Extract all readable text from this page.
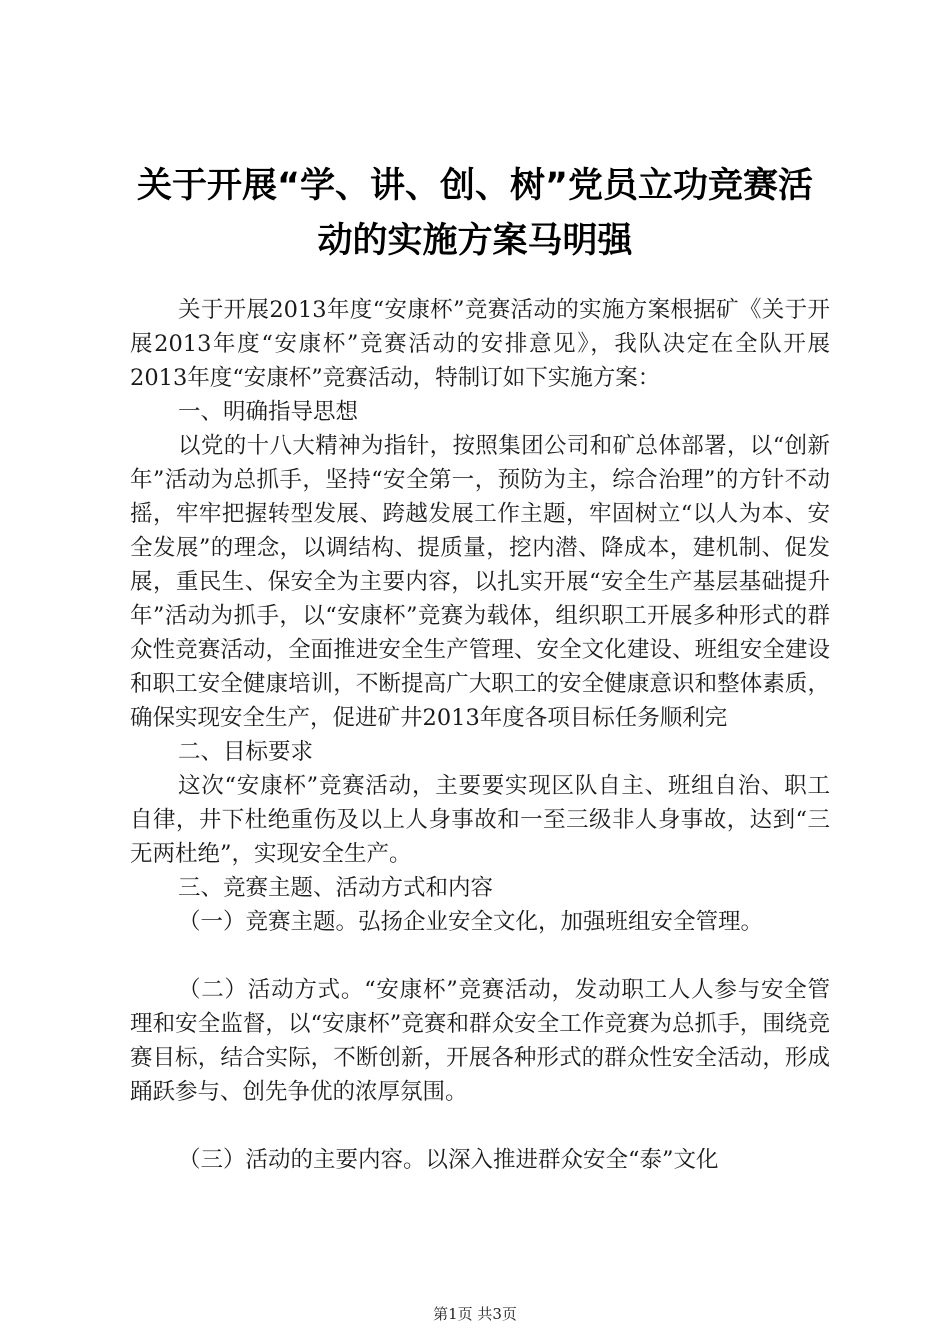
关于开展“学、讲、创、树”党员立功竞赛活
动的实施方案马明强

关于开展2013年度“安康杯”竞赛活动的实施方案根据矿《关于开展2013年度“安康杯”竞赛活动的安排意见》，我队决定在全队开展2013年度“安康杯”竞赛活动，特制订如下实施方案：

一、明确指导思想

以党的十八大精神为指针，按照集团公司和矿总体部署，以“创新年”活动为总抓手，坚持“安全第一，预防为主，综合治理”的方针不动摇，牢牢把握转型发展、跨越发展工作主题，牢固树立“以人为本、安全发展”的理念，以调结构、提质量，挖内潜、降成本，建机制、促发展，重民生、保安全为主要内容，以扎实开展“安全生产基层基础提升年”活动为抓手，以“安康杯”竞赛为载体，组织职工开展多种形式的群众性竞赛活动，全面推进安全生产管理、安全文化建设、班组安全建设和职工安全健康培训，不断提高广大职工的安全健康意识和整体素质，确保实现安全生产，促进矿井2013年度各项目标任务顺利完

二、目标要求

这次“安康杯”竞赛活动，主要要实现区队自主、班组自治、职工自律，井下杜绝重伤及以上人身事故和一至三级非人身事故，达到“三无两杜绝”，实现安全生产。

三、竞赛主题、活动方式和内容

（一）竞赛主题。弘扬企业安全文化，加强班组安全管理。

（二）活动方式。“安康杯”竞赛活动，发动职工人人参与安全管理和安全监督，以“安康杯”竞赛和群众安全工作竞赛为总抓手，围绕竞赛目标，结合实际，不断创新，开展各种形式的群众性安全活动，形成踊跃参与、创先争优的浓厚氛围。

（三）活动的主要内容。以深入推进群众安全“泰”文化

第1页 共3页
